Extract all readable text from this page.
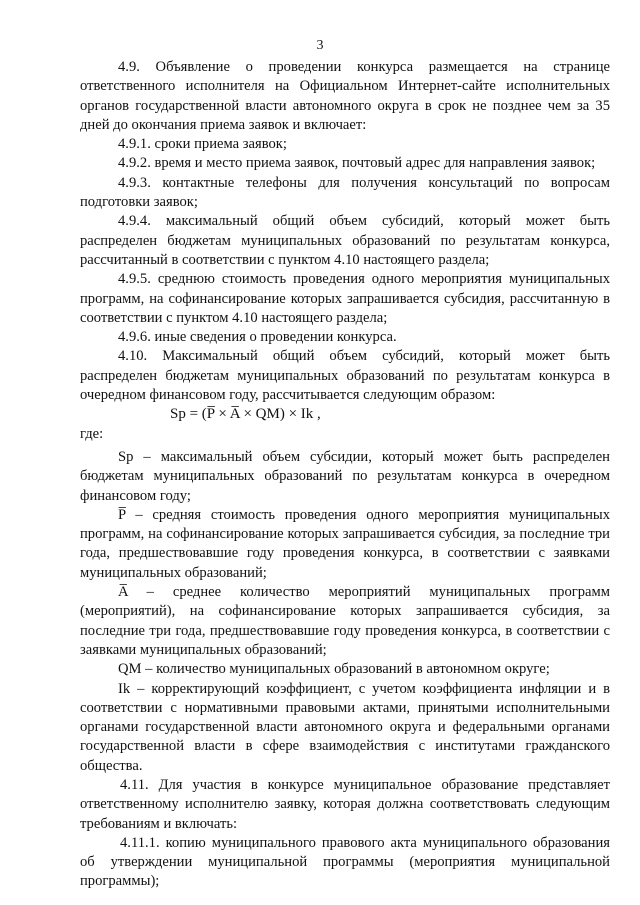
3

4.9. Объявление о проведении конкурса размещается на странице ответственного исполнителя на Официальном Интернет-сайте исполнительных органов государственной власти автономного округа в срок не позднее чем за 35 дней до окончания приема заявок и включает:

4.9.1. сроки приема заявок;

4.9.2. время и место приема заявок, почтовый адрес для направления заявок;

4.9.3. контактные телефоны для получения консультаций по вопросам подготовки заявок;

4.9.4. максимальный общий объем субсидий, который может быть распределен бюджетам муниципальных образований по результатам конкурса, рассчитанный в соответствии с пунктом 4.10 настоящего раздела;

4.9.5. среднюю стоимость проведения одного мероприятия муниципальных программ, на софинансирование которых запрашивается субсидия, рассчитанную в соответствии с пунктом 4.10 настоящего раздела;

4.9.6. иные сведения о проведении конкурса.

4.10. Максимальный общий объем субсидий, который может быть распределен бюджетам муниципальных образований по результатам конкурса в очередном финансовом году, рассчитывается следующим образом:

Sp = (P̅ × A̅ × QM) × Ik ,

где:

Sp – максимальный объем субсидии, который может быть распределен бюджетам муниципальных образований по результатам конкурса в очередном финансовом году;

P̅ – средняя стоимость проведения одного мероприятия муниципальных программ, на софинансирование которых запрашивается субсидия, за последние три года, предшествовавшие году проведения конкурса, в соответствии с заявками муниципальных образований;

A̅ – среднее количество мероприятий муниципальных программ (мероприятий), на софинансирование которых запрашивается субсидия, за последние три года, предшествовавшие году проведения конкурса, в соответствии с заявками муниципальных образований;

QM – количество муниципальных образований в автономном округе;

Ik – корректирующий коэффициент, с учетом коэффициента инфляции и в соответствии с нормативными правовыми актами, принятыми исполнительными органами государственной власти автономного округа и федеральными органами государственной власти в сфере взаимодействия с институтами гражданского общества.

4.11. Для участия в конкурсе муниципальное образование представляет ответственному исполнителю заявку, которая должна соответствовать следующим требованиям и включать:

4.11.1. копию муниципального правового акта муниципального образования об утверждении муниципальной программы (мероприятия муниципальной программы);
